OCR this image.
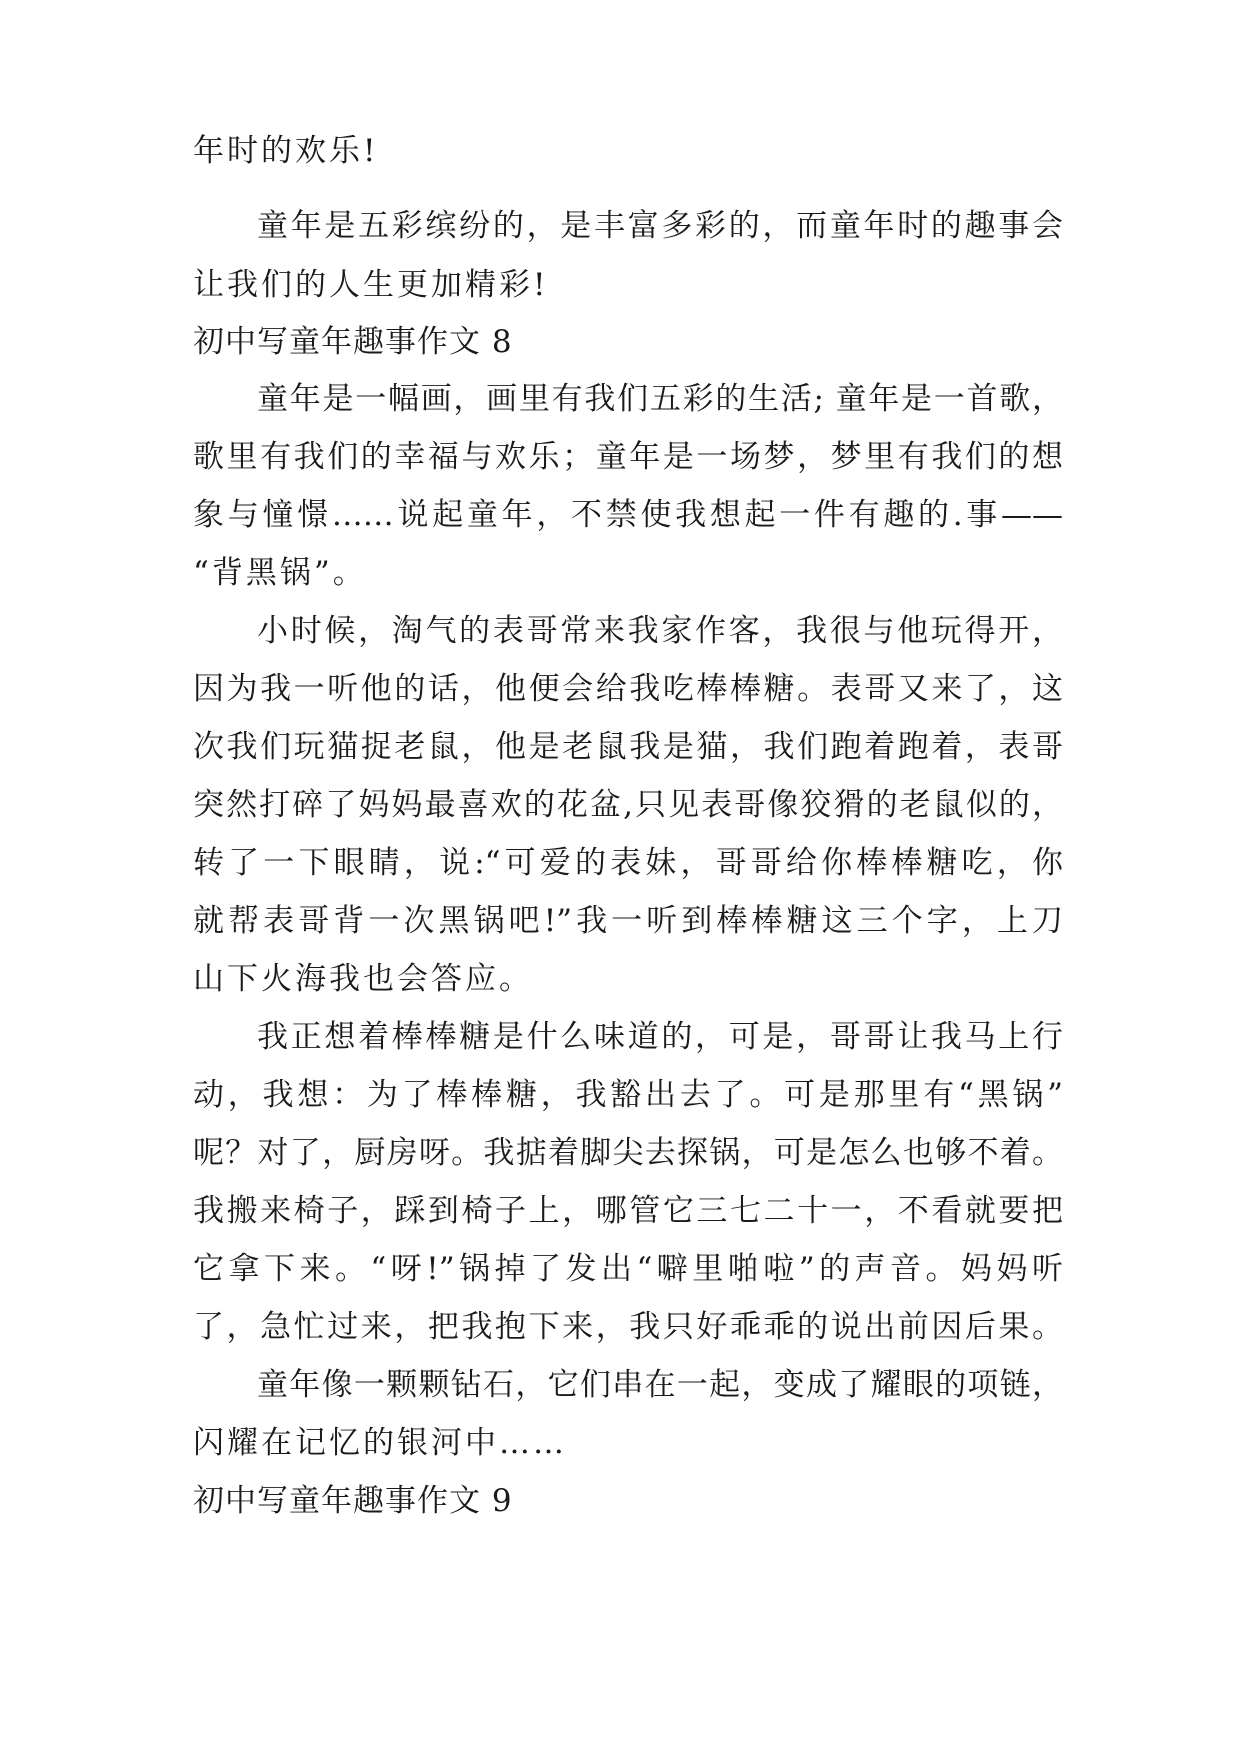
年时的欢乐!
童年是五彩缤纷的，是丰富多彩的，而童年时的趣事会
让我们的人生更加精彩!
初中写童年趣事作文 8
童年是一幅画，画里有我们五彩的生活; 童年是一首歌，
歌里有我们的幸福与欢乐；童年是一场梦，梦里有我们的想
象与憧憬……说起童年，不禁使我想起一件有趣的.事——
“背黑锅”。
小时候，淘气的表哥常来我家作客，我很与他玩得开，
因为我一听他的话，他便会给我吃棒棒糖。表哥又来了，这
次我们玩猫捉老鼠，他是老鼠我是猫，我们跑着跑着，表哥
突然打碎了妈妈最喜欢的花盆,只见表哥像狡猾的老鼠似的，
转了一下眼睛，说:“可爱的表妹，哥哥给你棒棒糖吃，你
就帮表哥背一次黑锅吧!”我一听到棒棒糖这三个字，上刀
山下火海我也会答应。
我正想着棒棒糖是什么味道的，可是，哥哥让我马上行
动，我想：为了棒棒糖，我豁出去了。可是那里有“黑锅”
呢？对了，厨房呀。我掂着脚尖去探锅，可是怎么也够不着。
我搬来椅子，踩到椅子上，哪管它三七二十一，不看就要把
它拿下来。“呀!”锅掉了发出“噼里啪啦”的声音。妈妈听
了，急忙过来，把我抱下来，我只好乖乖的说出前因后果。
童年像一颗颗钻石，它们串在一起，变成了耀眼的项链，
闪耀在记忆的银河中……
初中写童年趣事作文 9
